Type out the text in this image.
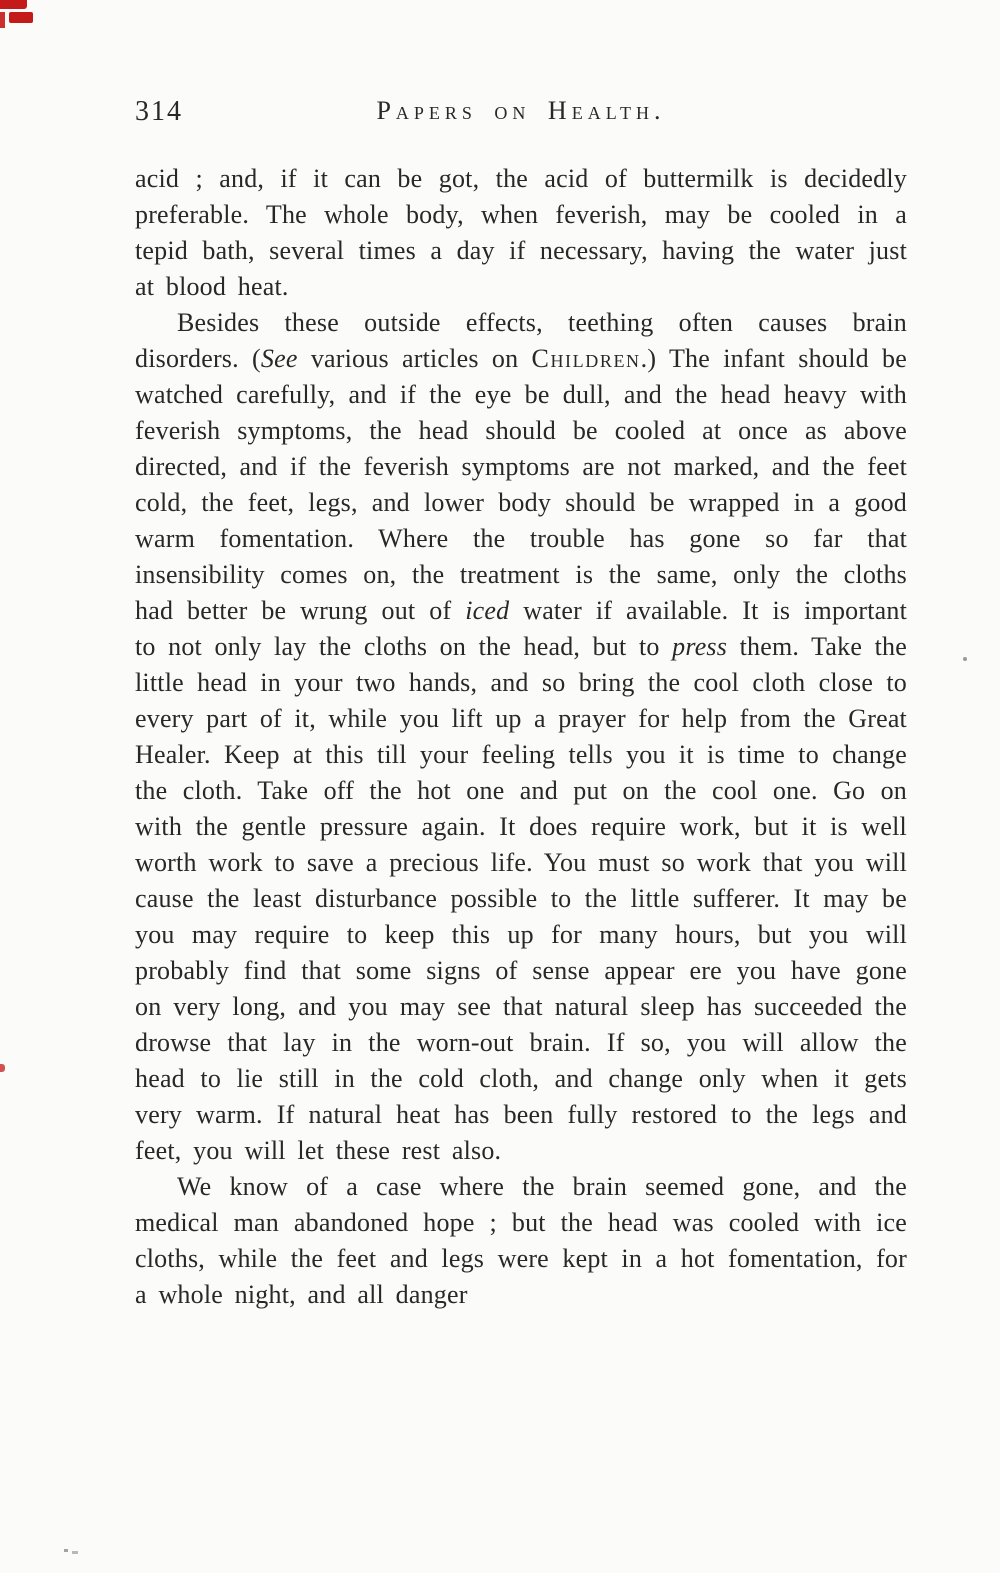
314	Papers on Health.

acid ; and, if it can be got, the acid of buttermilk is decidedly preferable. The whole body, when feverish, may be cooled in a tepid bath, several times a day if necessary, having the water just at blood heat.

Besides these outside effects, teething often causes brain disorders. (See various articles on Children.) The infant should be watched carefully, and if the eye be dull, and the head heavy with feverish symptoms, the head should be cooled at once as above directed, and if the feverish symptoms are not marked, and the feet cold, the feet, legs, and lower body should be wrapped in a good warm fomentation. Where the trouble has gone so far that insensibility comes on, the treatment is the same, only the cloths had better be wrung out of iced water if available. It is important to not only lay the cloths on the head, but to press them. Take the little head in your two hands, and so bring the cool cloth close to every part of it, while you lift up a prayer for help from the Great Healer. Keep at this till your feeling tells you it is time to change the cloth. Take off the hot one and put on the cool one. Go on with the gentle pressure again. It does require work, but it is well worth work to save a precious life. You must so work that you will cause the least disturbance possible to the little sufferer. It may be you may require to keep this up for many hours, but you will probably find that some signs of sense appear ere you have gone on very long, and you may see that natural sleep has succeeded the drowse that lay in the worn-out brain. If so, you will allow the head to lie still in the cold cloth, and change only when it gets very warm. If natural heat has been fully restored to the legs and feet, you will let these rest also.

We know of a case where the brain seemed gone, and the medical man abandoned hope ; but the head was cooled with ice cloths, while the feet and legs were kept in a hot fomentation, for a whole night, and all danger
